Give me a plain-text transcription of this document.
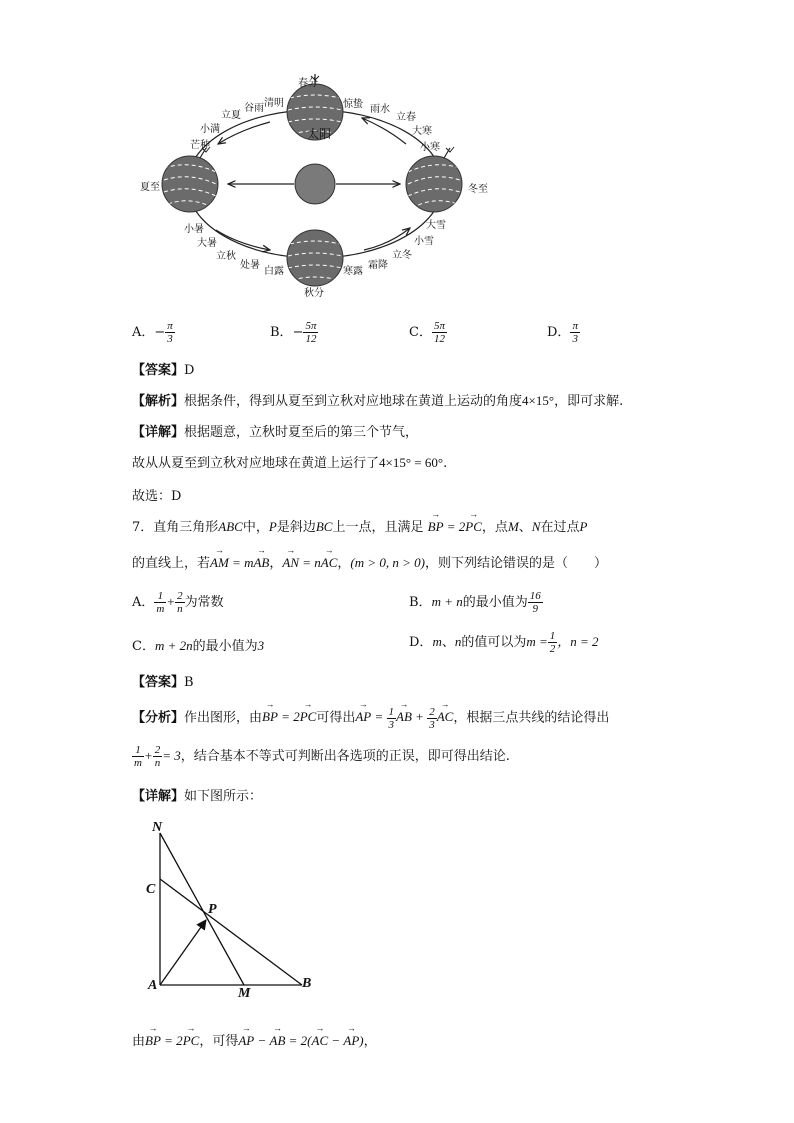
太阳
春分
惊蛰 雨水
立春
大寒
小寒
清明
谷雨
立夏
小满
芒种
夏至	冬至
小暑
大暑
立秋
处暑
白露
秋分
寒露
霜降
立冬
小雪
大雪
A．− $\frac{\pi}{3}$	B．− $\frac{5\pi}{12}$	C． $\frac{5\pi}{12}$	D． $\frac{\pi}{3}$
【答案】D
【解析】根据条件，得到从夏至到立秋对应地球在黄道上运动的角度4×15°，即可求解.
【详解】根据题意，立秋时夏至后的第三个节气，
故从从夏至到立秋对应地球在黄道上运行了4×15° = 60°.
故选：D
7．直角三角形ABC中，P是斜边BC上一点，且满足 → BP = 2→ PC，点M、N在过点P
的直线上，若→ AM = m→ AB，→ AN = n→ AC，(m > 0, n > 0)，则下列结论错误的是（　　）
A． $\frac{1}{m} + \frac{2}{n}$ 为常数	B．m + n的最小值为 $\frac{16}{9}$
C．m + 2n的最小值为3	D．m、n的值可以为$m = \frac{1}{2}$ ，n = 2
【答案】B
【分析】作出图形，由→ BP = 2→ PC可得出→ AP = $\frac{1}{3}$ → AB + $\frac{2}{3}$ → AC，根据三点共线的结论得出
$\frac{1}{m} + \frac{2}{n} = 3$，结合基本不等式可判断出各选项的正误，即可得出结论.
【详解】如下图所示：
N
C
P
A
M
B
由→ BP = 2→ PC，可得→ AP − → AB = 2(→ AC − → AP)，
